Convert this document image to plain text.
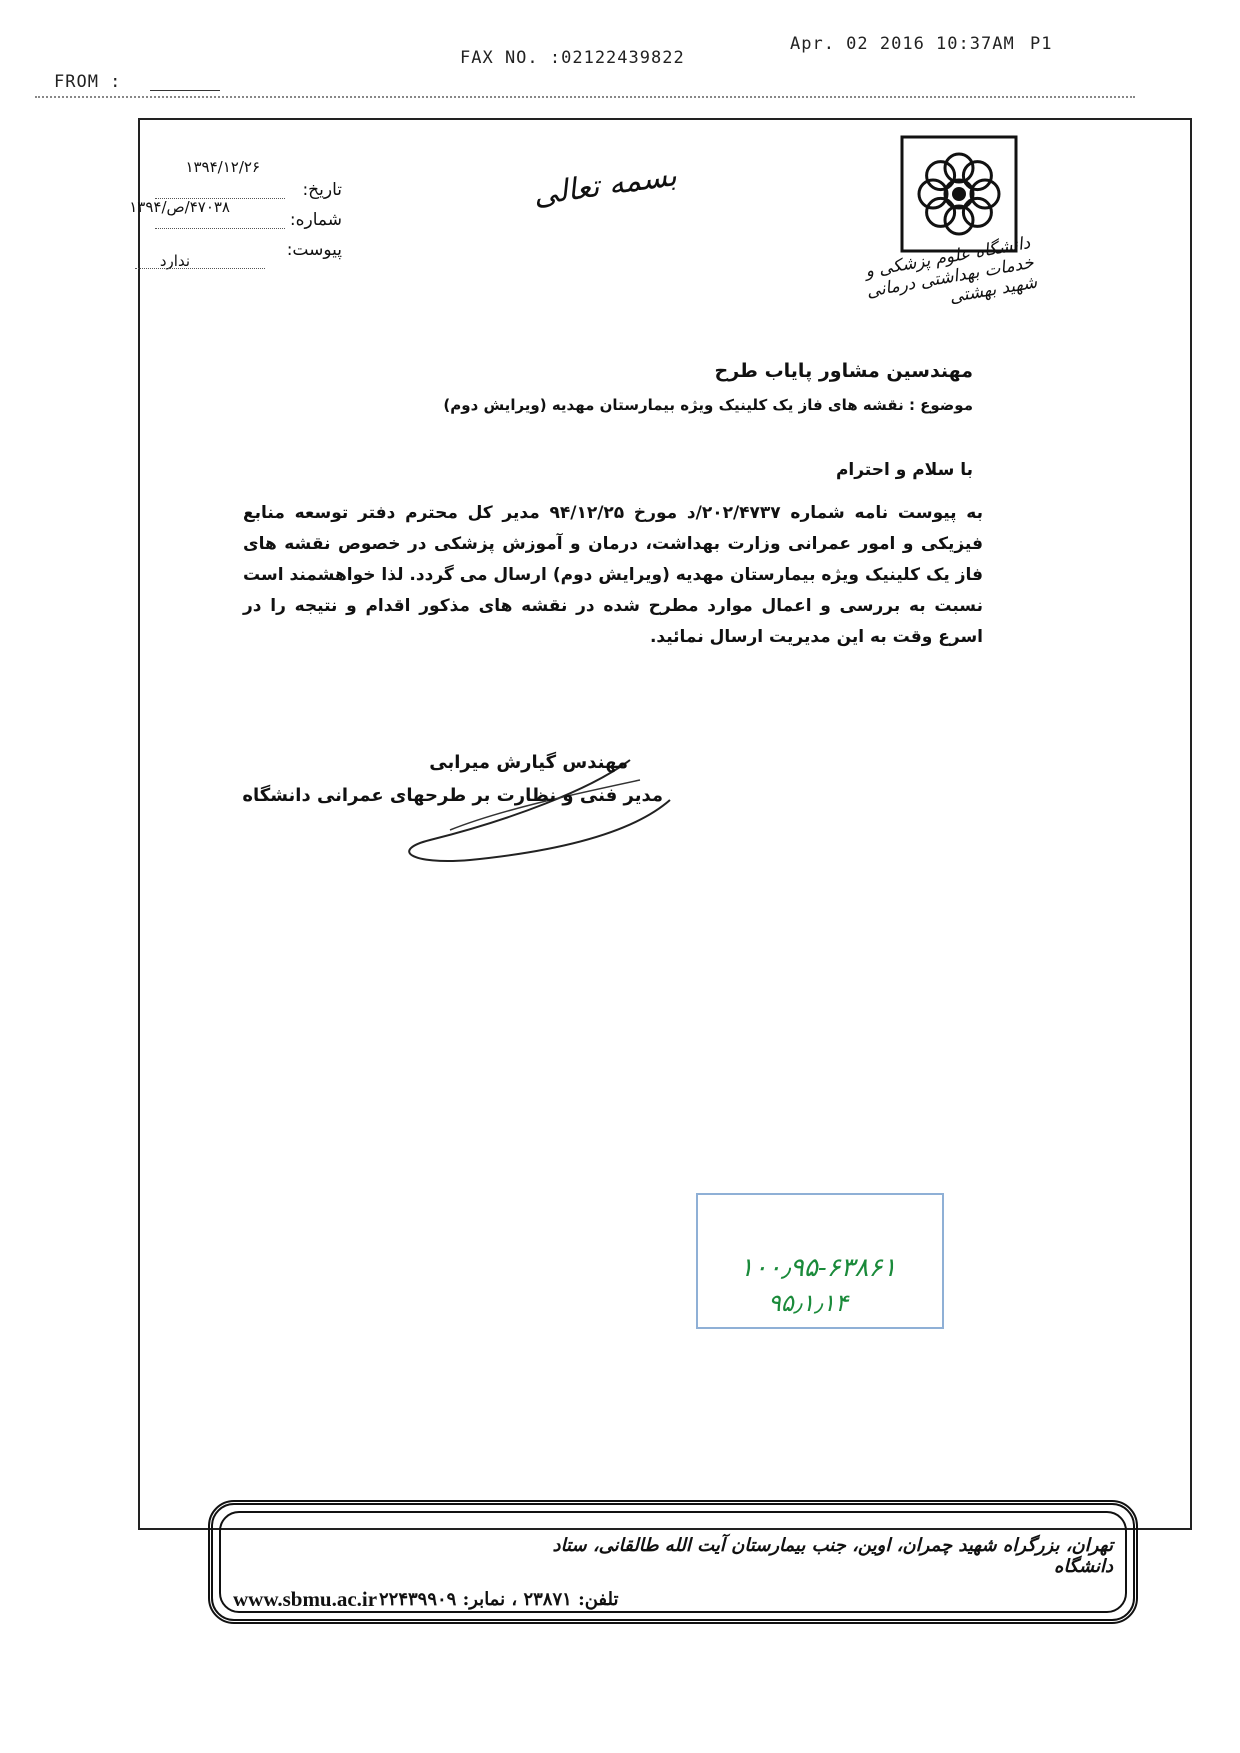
FROM :
FAX NO. :02122439822
Apr. 02 2016 10:37AM P1
۱۳۹۴/۱۲/۲۶
تاریخ:
۴۷۰۳۸/ص/۱۳۹۴
شماره:
ندارد
پیوست:
بسمه تعالی
دانشگاه علوم پزشکی و خدمات بهداشتی درمانی شهید بهشتی
مهندسین مشاور پایاب طرح
موضوع : نقشه های فاز یک کلینیک ویژه بیمارستان مهدیه (ویرایش دوم)
با سلام و احترام
به پیوست نامه شماره ۲۰۲/۴۷۳۷/د مورخ ۹۴/۱۲/۲۵ مدیر کل محترم دفتر توسعه منابع فیزیکی و امور عمرانی وزارت بهداشت، درمان و آموزش پزشکی در خصوص نقشه های فاز یک کلینیک ویژه بیمارستان مهدیه (ویرایش دوم) ارسال می گردد. لذا خواهشمند است نسبت به بررسی و اعمال موارد مطرح شده در نقشه های مذکور اقدام و نتیجه را در اسرع وقت به این مدیریت ارسال نمائید.
مهندس گیارش میرابی
مدیر فنی و نظارت بر طرحهای عمرانی دانشگاه
۱۰۰٫۹۵-۶۳۸۶۱
۹۵٫۱٫۱۴
تهران، بزرگراه شهید چمران، اوین، جنب بیمارستان آیت الله طالقانی، ستاد دانشگاه
تلفن: ۲۳۸۷۱ ، نمابر: ۲۲۴۳۹۹۰۹
www.sbmu.ac.ir
